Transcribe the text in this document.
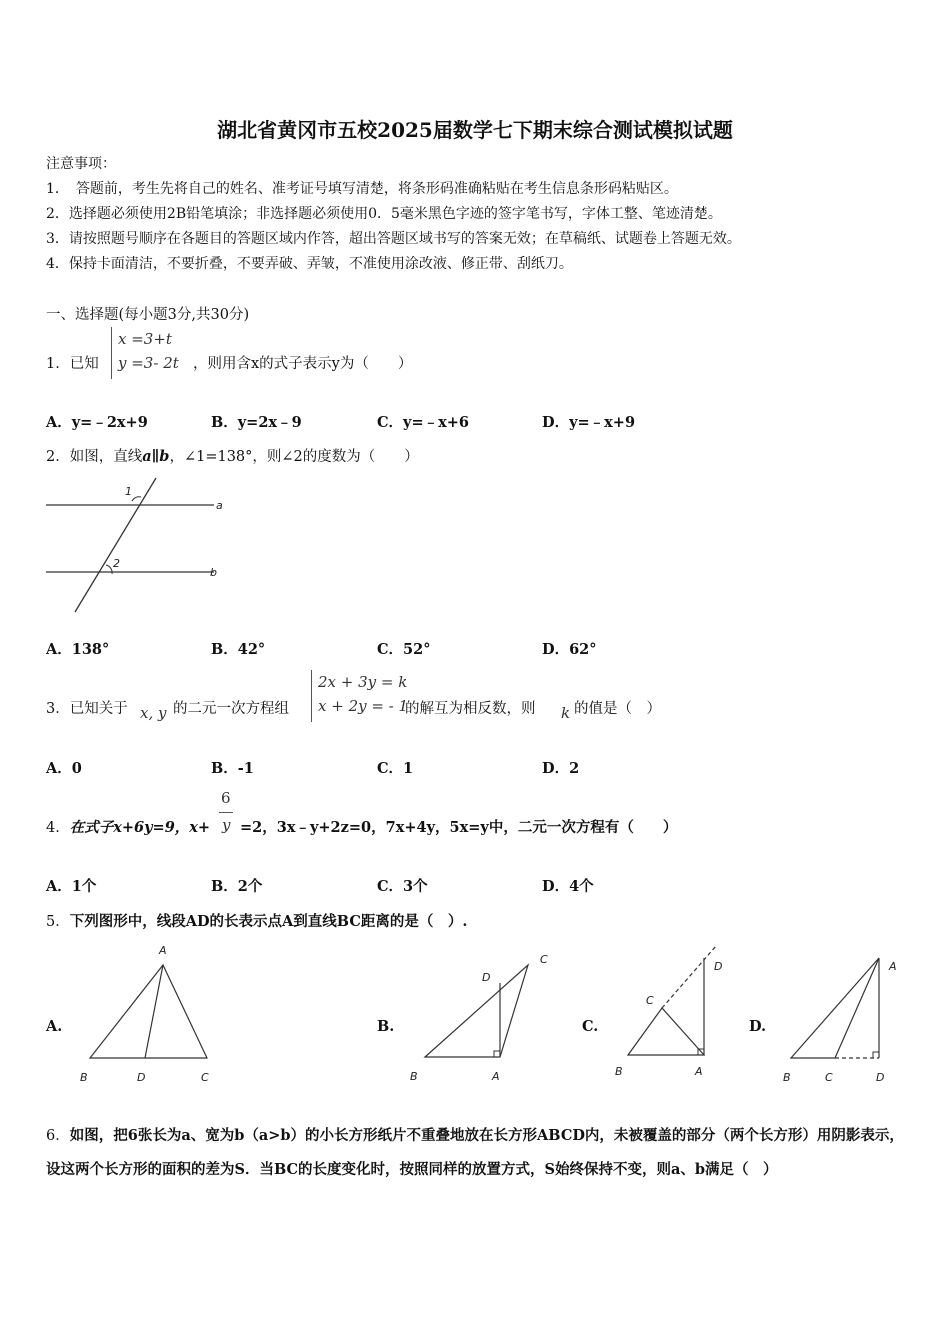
湖北省黄冈市五校2025届数学七下期末综合测试模拟试题
注意事项：
1．　答题前，考生先将自己的姓名、准考证号填写清楚，将条形码准确粘贴在考生信息条形码粘贴区。
2．选择题必须使用2B铅笔填涂；非选择题必须使用0．5毫米黑色字迹的签字笔书写，字体工整、笔迹清楚。
3．请按照题号顺序在各题目的答题区域内作答，超出答题区域书写的答案无效；在草稿纸、试题卷上答题无效。
4．保持卡面清洁，不要折叠，不要弄破、弄皱，不准使用涂改液、修正带、刮纸刀。
一、选择题(每小题3分,共30分)
1．已知
x =3+t
y =3- 2t ，则用含x的式子表示y为（　　）
A．y=﹣2x+9	B．y=2x﹣9	C．y=﹣x+6	D．y=﹣x+9
2．如图，直线a∥b，∠1=138°，则∠2的度数为（　　）
1
2
a
b
A．138°	B．42°	C．52°	D．62°
3．已知关于 x, y 的二元一次方程组
2x + 3y = k
x + 2y = - 1
的解互为相反数，则 k 的值是（　）
A．0	B．-1	C．1	D．2
4．在式子x+6y=9，x+
6
y =2，3x﹣y+2z=0，7x+4y，5x=y中，二元一次方程有（　　）
A．1个	B．2个	C．3个	D．4个
5．下列图形中，线段AD的长表示点A到直线BC距离的是（　）.
A.	B.	C.	D.
A
B	D	C
D
C
B	A
D
C
B	A
A
B	C	D
6．如图，把6张长为a、宽为b（a>b）的小长方形纸片不重叠地放在长方形ABCD内，未被覆盖的部分（两个长方形）用阴影表示，设这两个长方形的面积的差为S．当BC的长度变化时，按照同样的放置方式，S始终保持不变，则a、b满足（　）
